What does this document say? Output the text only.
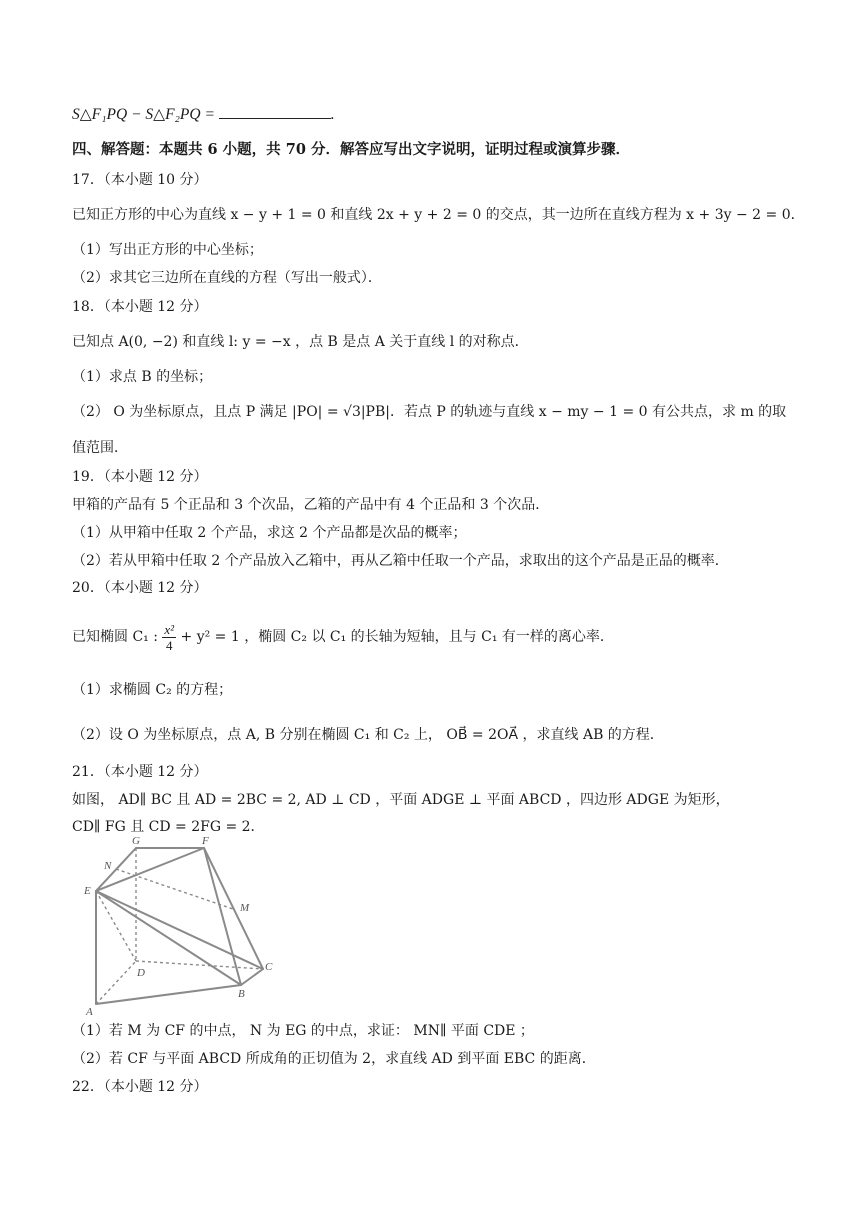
S△F₁PQ − S△F₂PQ =	.
四、解答题：本题共 6 小题，共 70 分．解答应写出文字说明，证明过程或演算步骤．
17．（本小题 10 分）
已知正方形的中心为直线 x − y + 1 = 0 和直线 2x + y + 2 = 0 的交点，其一边所在直线方程为 x + 3y − 2 = 0．
（1）写出正方形的中心坐标；
（2）求其它三边所在直线的方程（写出一般式）．
18．（本小题 12 分）
已知点 A(0, −2) 和直线 l: y = −x ，点 B 是点 A 关于直线 l 的对称点．
（1）求点 B 的坐标；
（2） O 为坐标原点，且点 P 满足 |PO| = √3|PB|．若点 P 的轨迹与直线 x − my − 1 = 0 有公共点，求 m 的取
值范围．
19．（本小题 12 分）
甲箱的产品有 5 个正品和 3 个次品，乙箱的产品中有 4 个正品和 3 个次品．
（1）从甲箱中任取 2 个产品，求这 2 个产品都是次品的概率；
（2）若从甲箱中任取 2 个产品放入乙箱中，再从乙箱中任取一个产品，求取出的这个产品是正品的概率．
20．（本小题 12 分）
已知椭圆 C₁ : $\frac{\text{x²}}{4} + y^2 = 1$ ，椭圆 C₂ 以 C₁ 的长轴为短轴，且与 C₁ 有一样的离心率．
（1）求椭圆 C₂ 的方程；
（2）设 O 为坐标原点，点 A, B 分别在椭圆 C₁ 和 C₂ 上， OB⃗ = 2OA⃗ ，求直线 AB 的方程．
21．（本小题 12 分）
如图， AD∥ BC 且 AD = 2BC = 2, AD ⊥ CD ，平面 ADGE ⊥ 平面 ABCD ，四边形 ADGE 为矩形，
CD∥ FG 且 CD = 2FG = 2．
G	F
N
E
M
D	C
B
A
（1）若 M 为 CF 的中点， N 为 EG 的中点，求证： MN∥ 平面 CDE ；
（2）若 CF 与平面 ABCD 所成角的正切值为 2，求直线 AD 到平面 EBC 的距离．
22．（本小题 12 分）
